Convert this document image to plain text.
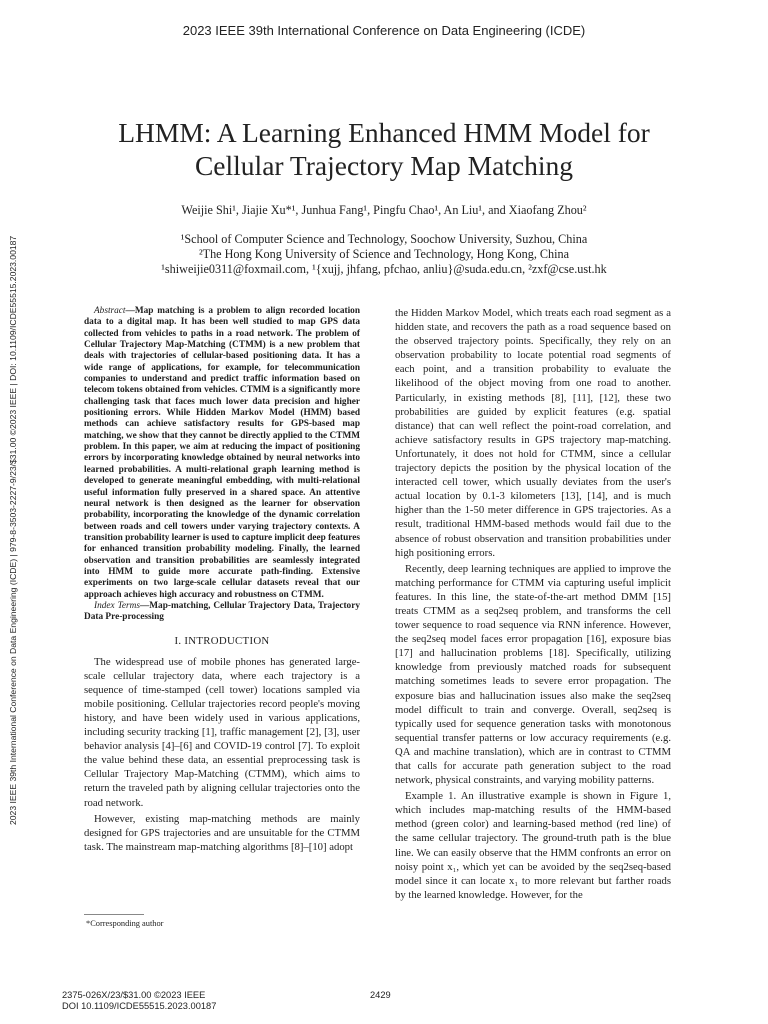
2023 IEEE 39th International Conference on Data Engineering (ICDE)
2023 IEEE 39th International Conference on Data Engineering (ICDE) | 979-8-3503-2227-9/23/$31.00 ©2023 IEEE | DOI: 10.1109/ICDE55515.2023.00187
LHMM: A Learning Enhanced HMM Model for
Cellular Trajectory Map Matching
Weijie Shi¹, Jiajie Xu*¹, Junhua Fang¹, Pingfu Chao¹, An Liu¹, and Xiaofang Zhou²
¹School of Computer Science and Technology, Soochow University, Suzhou, China
²The Hong Kong University of Science and Technology, Hong Kong, China
¹shiweijie0311@foxmail.com, ¹{xujj, jhfang, pfchao, anliu}@suda.edu.cn, ²zxf@cse.ust.hk

Abstract—Map matching is a problem to align recorded location data to a digital map. It has been well studied to map GPS data collected from vehicles to paths in a road network. The problem of Cellular Trajectory Map-Matching (CTMM) is a new problem that deals with trajectories of cellular-based positioning data. It has a wide range of applications, for example, for telecommunication companies to understand and predict traffic information based on telecom tokens obtained from vehicles. CTMM is a significantly more challenging task that faces much lower data precision and higher positioning errors. While Hidden Markov Model (HMM) based methods can achieve satisfactory results for GPS-based map matching, we show that they cannot be directly applied to the CTMM problem. In this paper, we aim at reducing the impact of positioning errors by incorporating knowledge obtained by neural networks into learned probabilities. A multi-relational graph learning method is developed to generate meaningful embedding, with multi-relational useful information fully preserved in a shared space. An attentive neural network is then designed as the learner for observation probability, incorporating the knowledge of the dynamic correlation between roads and cell towers under varying trajectory contexts. A transition probability learner is used to capture implicit deep features for enhanced transition probability modeling. Finally, the learned observation and transition probabilities are seamlessly integrated into HMM to guide more accurate path-finding. Extensive experiments on two large-scale cellular datasets reveal that our approach achieves high accuracy and robustness on CTMM.

Index Terms—Map-matching, Cellular Trajectory Data, Trajectory Data Pre-processing

I. INTRODUCTION

The widespread use of mobile phones has generated large-scale cellular trajectory data, where each trajectory is a sequence of time-stamped (cell tower) locations sampled via mobile positioning. Cellular trajectories record people's moving history, and have been widely used in various applications, including security tracking [1], traffic management [2], [3], user behavior analysis [4]–[6] and COVID-19 control [7]. To exploit the value behind these data, an essential preprocessing task is Cellular Trajectory Map-Matching (CTMM), which aims to return the traveled path by aligning cellular trajectories onto the road network.

However, existing map-matching methods are mainly designed for GPS trajectories and are unsuitable for the CTMM task. The mainstream map-matching algorithms [8]–[10] adopt

*Corresponding author

the Hidden Markov Model, which treats each road segment as a hidden state, and recovers the path as a road sequence based on the observed trajectory points. Specifically, they rely on an observation probability to locate potential road segments of each point, and a transition probability to evaluate the likelihood of the object moving from one road to another. Particularly, in existing methods [8], [11], [12], these two probabilities are guided by explicit features (e.g. spatial distance) that can well reflect the point-road correlation, and achieve satisfactory results in GPS trajectory map-matching. Unfortunately, it does not hold for CTMM, since a cellular trajectory depicts the position by the physical location of the interacted cell tower, which usually deviates from the user's actual location by 0.1-3 kilometers [13], [14], and is much higher than the 1-50 meter difference in GPS trajectories. As a result, traditional HMM-based methods would fail due to the absence of robust observation and transition probabilities under high positioning errors.

Recently, deep learning techniques are applied to improve the matching performance for CTMM via capturing useful implicit features. In this line, the state-of-the-art method DMM [15] treats CTMM as a seq2seq problem, and transforms the cell tower sequence to road sequence via RNN inference. However, the seq2seq model faces error propagation [16], exposure bias [17] and hallucination problems [18]. Specifically, utilizing knowledge from previously matched roads for subsequent matching sometimes leads to severe error propagation. The exposure bias and hallucination issues also make the seq2seq model difficult to train and converge. Overall, seq2seq is typically used for sequence generation tasks with monotonous sequential transfer patterns or low accuracy requirements (e.g. QA and machine translation), which are in contrast to CTMM that calls for accurate path generation subject to the road network, physical constraints, and varying mobility patterns.

Example 1. An illustrative example is shown in Figure 1, which includes map-matching results of the HMM-based method (green color) and learning-based method (red line) of the same cellular trajectory. The ground-truth path is the blue line. We can easily observe that the HMM confronts an error on noisy point x₁, which yet can be avoided by the seq2seq-based model since it can locate x₁ to more relevant but farther roads by the learned knowledge. However, for the

2375-026X/23/$31.00 ©2023 IEEE
DOI 10.1109/ICDE55515.2023.00187
2429
